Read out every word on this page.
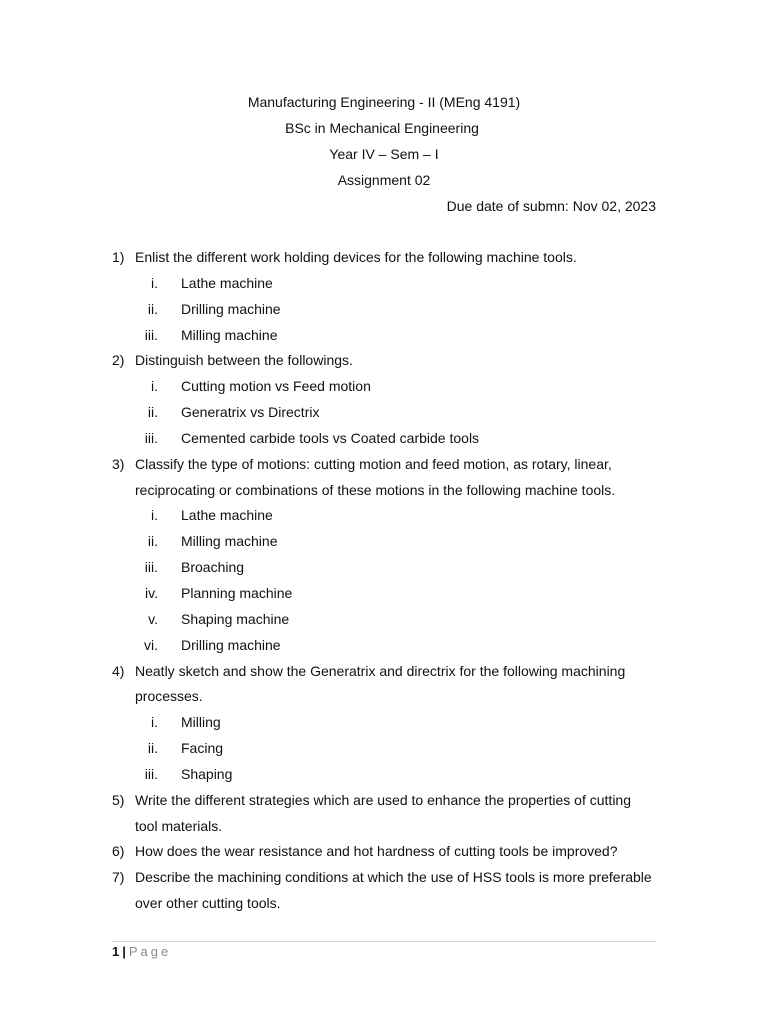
Manufacturing Engineering - II (MEng 4191)
BSc in Mechanical Engineering
Year IV – Sem – I
Assignment 02
Due date of submn: Nov 02, 2023
1) Enlist the different work holding devices for the following machine tools.
i. Lathe machine
ii. Drilling machine
iii. Milling machine
2) Distinguish between the followings.
i. Cutting motion vs Feed motion
ii. Generatrix vs Directrix
iii. Cemented carbide tools vs Coated carbide tools
3) Classify the type of motions: cutting motion and feed motion, as rotary, linear,
reciprocating or combinations of these motions in the following machine tools.
i. Lathe machine
ii. Milling machine
iii. Broaching
iv. Planning machine
v. Shaping machine
vi. Drilling machine
4) Neatly sketch and show the Generatrix and directrix for the following machining
processes.
i. Milling
ii. Facing
iii. Shaping
5) Write the different strategies which are used to enhance the properties of cutting
tool materials.
6) How does the wear resistance and hot hardness of cutting tools be improved?
7) Describe the machining conditions at which the use of HSS tools is more preferable
over other cutting tools.
1 | Page
